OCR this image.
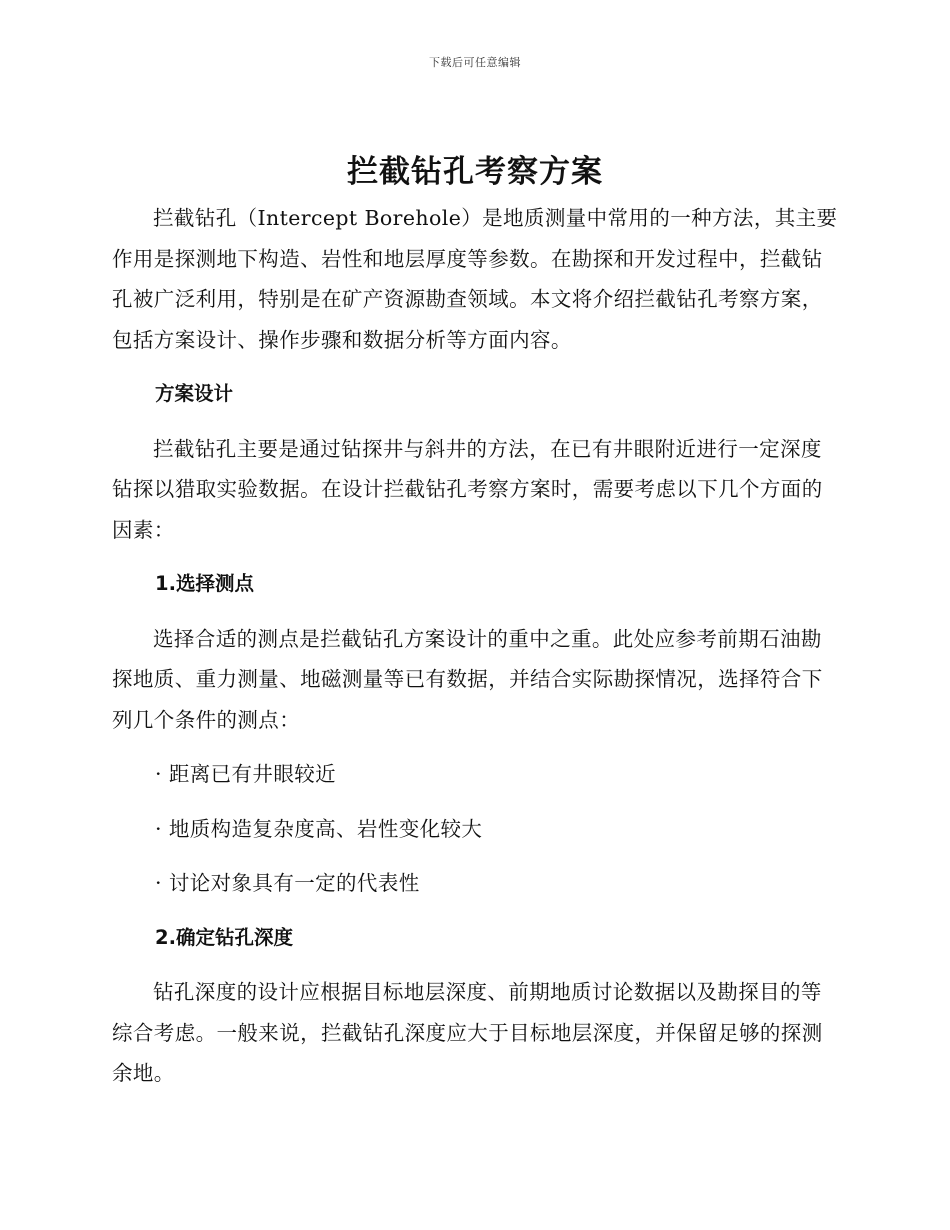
下载后可任意编辑
拦截钻孔考察方案

拦截钻孔（Intercept Borehole）是地质测量中常用的一种方法，其主要作用是探测地下构造、岩性和地层厚度等参数。在勘探和开发过程中，拦截钻孔被广泛利用，特别是在矿产资源勘查领域。本文将介绍拦截钻孔考察方案，包括方案设计、操作步骤和数据分析等方面内容。

方案设计

拦截钻孔主要是通过钻探井与斜井的方法，在已有井眼附近进行一定深度钻探以猎取实验数据。在设计拦截钻孔考察方案时，需要考虑以下几个方面的因素：

1.选择测点

选择合适的测点是拦截钻孔方案设计的重中之重。此处应参考前期石油勘探地质、重力测量、地磁测量等已有数据，并结合实际勘探情况，选择符合下列几个条件的测点：

· 距离已有井眼较近

· 地质构造复杂度高、岩性变化较大

· 讨论对象具有一定的代表性

2.确定钻孔深度

钻孔深度的设计应根据目标地层深度、前期地质讨论数据以及勘探目的等综合考虑。一般来说，拦截钻孔深度应大于目标地层深度，并保留足够的探测余地。
